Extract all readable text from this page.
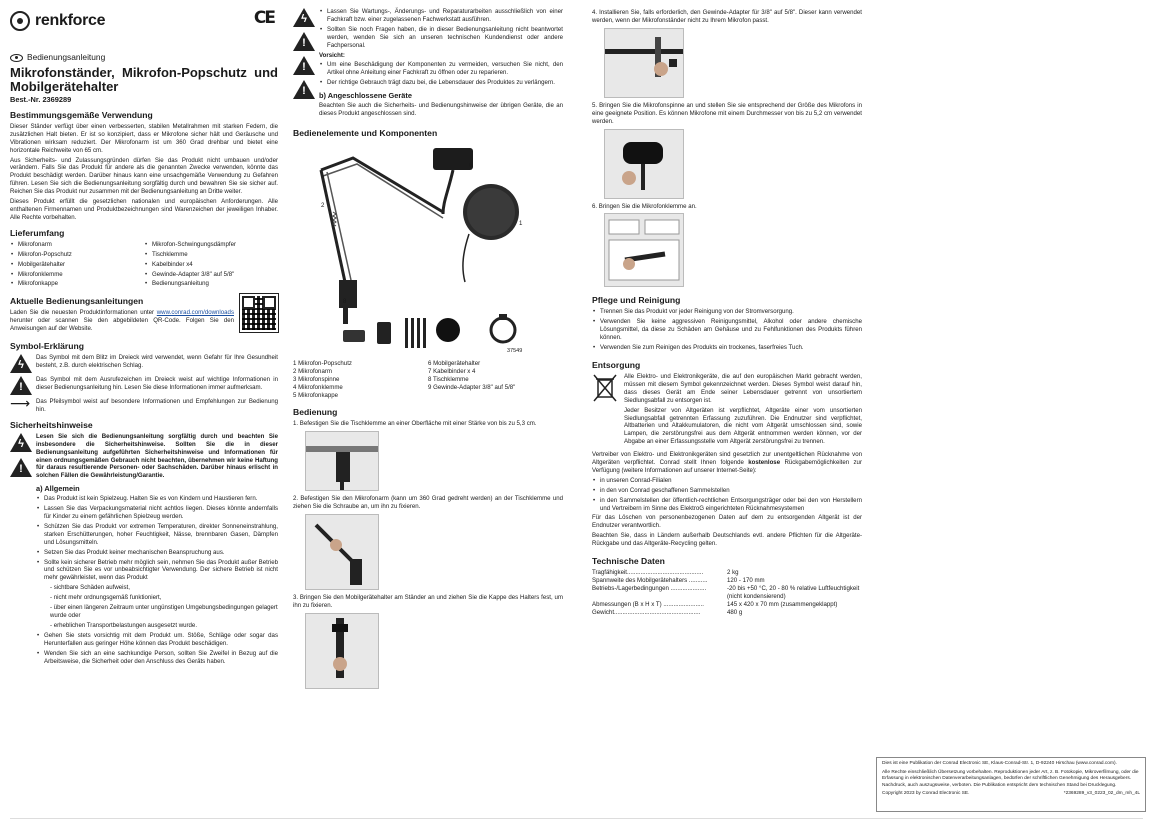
renkforce	CE
Bedienungsanleitung
Mikrofonständer, Mikrofon-Popschutz und
Mobilgerätehalter
Best.-Nr. 2369289
Bestimmungsgemäße Verwendung

Dieser Ständer verfügt über einen verbesserten, stabilen Metallrahmen mit starken Federn, die zusätzlichen Halt bieten. Er ist so konzipiert, dass er Mikrofone sicher hält und Geräusche und Vibrationen wirksam reduziert. Der Mikrofonarm ist um 360 Grad drehbar und bietet eine horizontale Reichweite von 65 cm.

Aus Sicherheits- und Zulassungsgründen dürfen Sie das Produkt nicht umbauen und/oder verändern. Falls Sie das Produkt für andere als die genannten Zwecke verwenden, könnte das Produkt beschädigt werden. Darüber hinaus kann eine unsachgemäße Verwendung zu Gefahren führen. Lesen Sie sich die Bedienungsanleitung sorgfältig durch und bewahren Sie sie sicher auf. Reichen Sie das Produkt nur zusammen mit der Bedienungsanleitung an Dritte weiter.

Dieses Produkt erfüllt die gesetzlichen nationalen und europäischen Anforderungen. Alle enthaltenen Firmennamen und Produktbezeichnungen sind Warenzeichen der jeweiligen Inhaber. Alle Rechte vorbehalten.

Lieferumfang
• Mikrofonarm
• Mikrofon-Popschutz
• Mobilgerätehalter
• Mikrofonklemme
• Mikrofonkappe
• Mikrofon-Schwingungsdämpfer
• Tischklemme
• Kabelbinder x4
• Gewinde-Adapter 3/8" auf 5/8"
• Bedienungsanleitung
Aktuelle Bedienungsanleitungen

Laden Sie die neuesten Produktinformationen unter www.conrad.com/downloads herunter oder scannen Sie den abgebildeten QR-Code. Folgen Sie den Anweisungen auf der Website.

Symbol-Erklärung
ϟ
Das Symbol mit dem Blitz im Dreieck wird verwendet, wenn Gefahr für Ihre Gesundheit besteht, z.B. durch elektrischen Schlag.
!
Das Symbol mit dem Ausrufezeichen im Dreieck weist auf wichtige Informationen in dieser Bedienungsanleitung hin. Lesen Sie diese Informationen immer aufmerksam.
⟶ Das Pfeilsymbol weist auf besondere Informationen und Empfehlungen zur Bedienung hin.
Sicherheitshinweise
ϟ
!
Lesen Sie sich die Bedienungsanleitung sorgfältig durch und beachten Sie insbesondere die Sicherheitshinweise. Sollten Sie die in dieser Bedienungsanleitung aufgeführten Sicherheitshinweise und Informationen für einen ordnungsgemäßen Gebrauch nicht beachten, übernehmen wir keine Haftung für daraus resultierende Personen- oder Sachschäden. Darüber hinaus erlischt in solchen Fällen die Gewährleistung/Garantie.
a) Allgemein
• Das Produkt ist kein Spielzeug. Halten Sie es von Kindern und Haustieren fern.
• Lassen Sie das Verpackungsmaterial nicht achtlos liegen. Dieses könnte andernfalls für Kinder zu einem gefährlichen Spielzeug werden.
• Schützen Sie das Produkt vor extremen Temperaturen, direkter Sonneneinstrahlung, starken Erschütterungen, hoher Feuchtigkeit, Nässe, brennbaren Gasen, Dämpfen und Lösungsmitteln.
• Setzen Sie das Produkt keiner mechanischen Beanspruchung aus.
• Sollte kein sicherer Betrieb mehr möglich sein, nehmen Sie das Produkt außer Betrieb und schützen Sie es vor unbeabsichtigter Verwendung. Der sichere Betrieb ist nicht mehr gewährleistet, wenn das Produkt
- sichtbare Schäden aufweist,
- nicht mehr ordnungsgemäß funktioniert,
- über einen längeren Zeitraum unter ungünstigen Umgebungsbedingungen gelagert wurde oder
- erheblichen Transportbelastungen ausgesetzt wurde.
• Gehen Sie stets vorsichtig mit dem Produkt um. Stöße, Schläge oder sogar das Herunterfallen aus geringer Höhe können das Produkt beschädigen.
• Wenden Sie sich an eine sachkundige Person, sollten Sie Zweifel in Bezug auf die Arbeitsweise, die Sicherheit oder den Anschluss des Geräts haben.
ϟ
!
!
!
• Lassen Sie Wartungs-, Änderungs- und Reparaturarbeiten ausschließlich von einer Fachkraft bzw. einer zugelassenen Fachwerkstatt ausführen.
• Sollten Sie noch Fragen haben, die in dieser Bedienungsanleitung nicht beantwortet werden, wenden Sie sich an unseren technischen Kundendienst oder andere Fachpersonal.
Vorsicht:
• Um eine Beschädigung der Komponenten zu vermeiden, versuchen Sie nicht, den Artikel ohne Anleitung einer Fachkraft zu öffnen oder zu reparieren.
• Der richtige Gebrauch trägt dazu bei, die Lebensdauer des Produktes zu verlängern.
b) Angeschlossene Geräte

Beachten Sie auch die Sicherheits- und Bedienungshinweise der übrigen Geräte, die an dieses Produkt angeschlossen sind.

Bedienelemente und Komponenten
6
1
2
8
37549
1 Mikrofon-Popschutz
2 Mikrofonarm
3 Mikrofonspinne
4 Mikrofonklemme
5 Mikrofonkappe
6 Mobilgerätehalter
7 Kabelbinder x 4
8 Tischklemme
9 Gewinde-Adapter 3/8" auf 5/8"
Bedienung

1. Befestigen Sie die Tischklemme an einer Oberfläche mit einer Stärke von bis zu 5,3 cm.

2. Befestigen Sie den Mikrofonarm (kann um 360 Grad gedreht werden) an der Tischklemme und ziehen Sie die Schraube an, um ihn zu fixieren.

3. Bringen Sie den Mobilgerätehalter am Ständer an und ziehen Sie die Kappe des Halters fest, um ihn zu fixieren.

4. Installieren Sie, falls erforderlich, den Gewinde-Adapter für 3/8" auf 5/8". Dieser kann verwendet werden, wenn der Mikrofonständer nicht zu Ihrem Mikrofon passt.

5. Bringen Sie die Mikrofonspinne an und stellen Sie sie entsprechend der Größe des Mikrofons in eine geeignete Position. Es können Mikrofone mit einem Durchmesser von bis zu 5,2 cm verwendet werden.

6. Bringen Sie die Mikrofonklemme an.

Pflege und Reinigung
• Trennen Sie das Produkt vor jeder Reinigung von der Stromversorgung.
• Verwenden Sie keine aggressiven Reinigungsmittel, Alkohol oder andere chemische Lösungsmittel, da diese zu Schäden am Gehäuse und zu Fehlfunktionen des Produkts führen können.
• Verwenden Sie zum Reinigen des Produkts ein trockenes, faserfreies Tuch.
Entsorgung

Alle Elektro- und Elektronikgeräte, die auf den europäischen Markt gebracht werden, müssen mit diesem Symbol gekennzeichnet werden. Dieses Symbol weist darauf hin, dass dieses Gerät am Ende seiner Lebensdauer getrennt von unsortiertem Siedlungsabfall zu entsorgen ist.

Jeder Besitzer von Altgeräten ist verpflichtet, Altgeräte einer vom unsortierten Siedlungsabfall getrennten Erfassung zuzuführen. Die Endnutzer sind verpflichtet, Altbatterien und Altakkumulatoren, die nicht vom Altgerät umschlossen sind, sowie Lampen, die zerstörungsfrei aus dem Altgerät entnommen werden können, vor der Abgabe an einer Erfassungsstelle vom Altgerät zerstörungsfrei zu trennen.

Vertreiber von Elektro- und Elektronikgeräten sind gesetzlich zur unentgeltlichen Rücknahme von Altgeräten verpflichtet. Conrad stellt Ihnen folgende kostenlose Rückgabemöglichkeiten zur Verfügung (weitere Informationen auf unserer Internet-Seite):

• in unseren Conrad-Filialen
• in den von Conrad geschaffenen Sammelstellen
• in den Sammelstellen der öffentlich-rechtlichen Entsorgungsträger oder bei den von Herstellern und Vertreibern im Sinne des ElektroG eingerichteten Rücknahmesystemen

Für das Löschen von personenbezogenen Daten auf dem zu entsorgenden Altgerät ist der Endnutzer verantwortlich.

Beachten Sie, dass in Ländern außerhalb Deutschlands evtl. andere Pflichten für die Altgeräte-Rückgabe und das Altgeräte-Recycling gelten.

Technische Daten
Tragfähigkeit.............................................	2 kg
Spannweite des Mobilgerätehalters ...........	120 - 170 mm
Betriebs-/Lagerbedingungen .....................	-20 bis +50 °C, 20 - 80 % relative Luftfeuchtigkeit (nicht kondensierend)
Abmessungen (B x H x T) ........................	145 x 420 x 70 mm (zusammengeklappt)
Gewicht...................................................	480 g
Dies ist eine Publikation der Conrad Electronic SE, Klaus-Conrad-Str. 1, D-92240 Hirschau (www.conrad.com).
Alle Rechte einschließlich Übersetzung vorbehalten. Reproduktionen jeder Art, z. B. Fotokopie, Mikroverfilmung, oder die Erfassung in elektronischen Datenverarbeitungsanlagen, bedürfen der schriftlichen Genehmigung des Herausgebers. Nachdruck, auch auszugsweise, verboten. Die Publikation entspricht dem technischen Stand bei Drucklegung.
Copyright 2023 by Conrad Electronic SE.	*2369289_v3_0223_02_dm_mh_4L
